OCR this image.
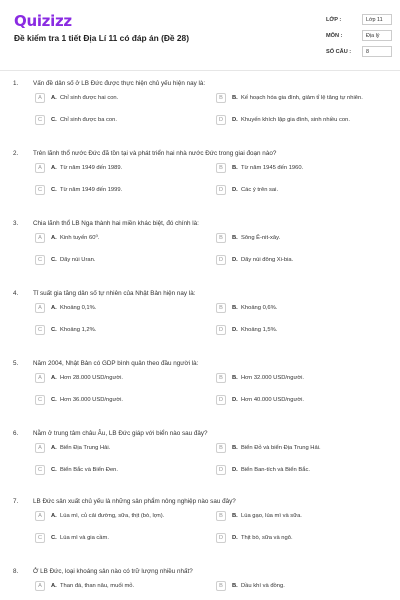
Quizizz
Đề kiểm tra 1 tiết Địa Lí 11 có đáp án (Đề 28)
LỚP :	Lớp 11
MÔN :	Địa lý
SỐ CÂU :	8
1. Vấn đề dân số ở LB Đức được thực hiện chủ yếu hiện nay là:
A	A. Chỉ sinh được hai con.	B	B. Kế hoạch hóa gia đình, giảm tỉ lệ tăng tự nhiên.
C	C. Chỉ sinh được ba con.	D	D. Khuyến khích lập gia đình, sinh nhiều con.
2. Trên lãnh thổ nước Đức đã tồn tại và phát triển hai nhà nước Đức trong giai đoạn nào?
A	A. Từ năm 1949 đến 1989.	B	B. Từ năm 1945 đến 1960.
C	C. Từ năm 1949 đến 1999.	D	D. Các ý trên sai.
3. Chia lãnh thổ LB Nga thành hai miền khác biệt, đó chính là:
A	A. Kinh tuyến 60⁰.	B	B. Sông Ê-nit-xây.
C	C. Dãy núi Uran.	D	D. Dãy núi đông Xi-bia.
4. Tỉ suất gia tăng dân số tự nhiên của Nhật Bản hiện nay là:
A	A. Khoảng 0,1%.	B	B. Khoảng 0,6%.
C	C. Khoảng 1,2%.	D	D. Khoảng 1,5%.
5. Năm 2004, Nhật Bản có GDP bình quân theo đầu người là:
A	A. Hơn 28.000 USD/người.	B	B. Hơn 32.000 USD/người.
C	C. Hơn 36.000 USD/người.	D	D. Hơn 40.000 USD/người.
6. Nằm ở trung tâm châu Âu, LB Đức giáp với biển nào sau đây?
A	A. Biển Địa Trung Hải.	B	B. Biển Đỏ và biển Địa Trung Hải.
C	C. Biển Bắc và Biển Đen.	D	D. Biển Ban-tích và Biển Bắc.
7. LB Đức sản xuất chủ yếu là những sản phẩm nông nghiệp nào sau đây?
A	A. Lúa mì, củ cải đường, sữa, thịt (bò, lợn).	B	B. Lúa gạo, lúa mì và sữa.
C	C. Lúa mì và gia cầm.	D	D. Thịt bò, sữa và ngô.
8. Ở LB Đức, loại khoáng sản nào có trữ lượng nhiều nhất?
A	A. Than đá, than nâu, muối mỏ.	B	B. Dầu khí và đồng.
